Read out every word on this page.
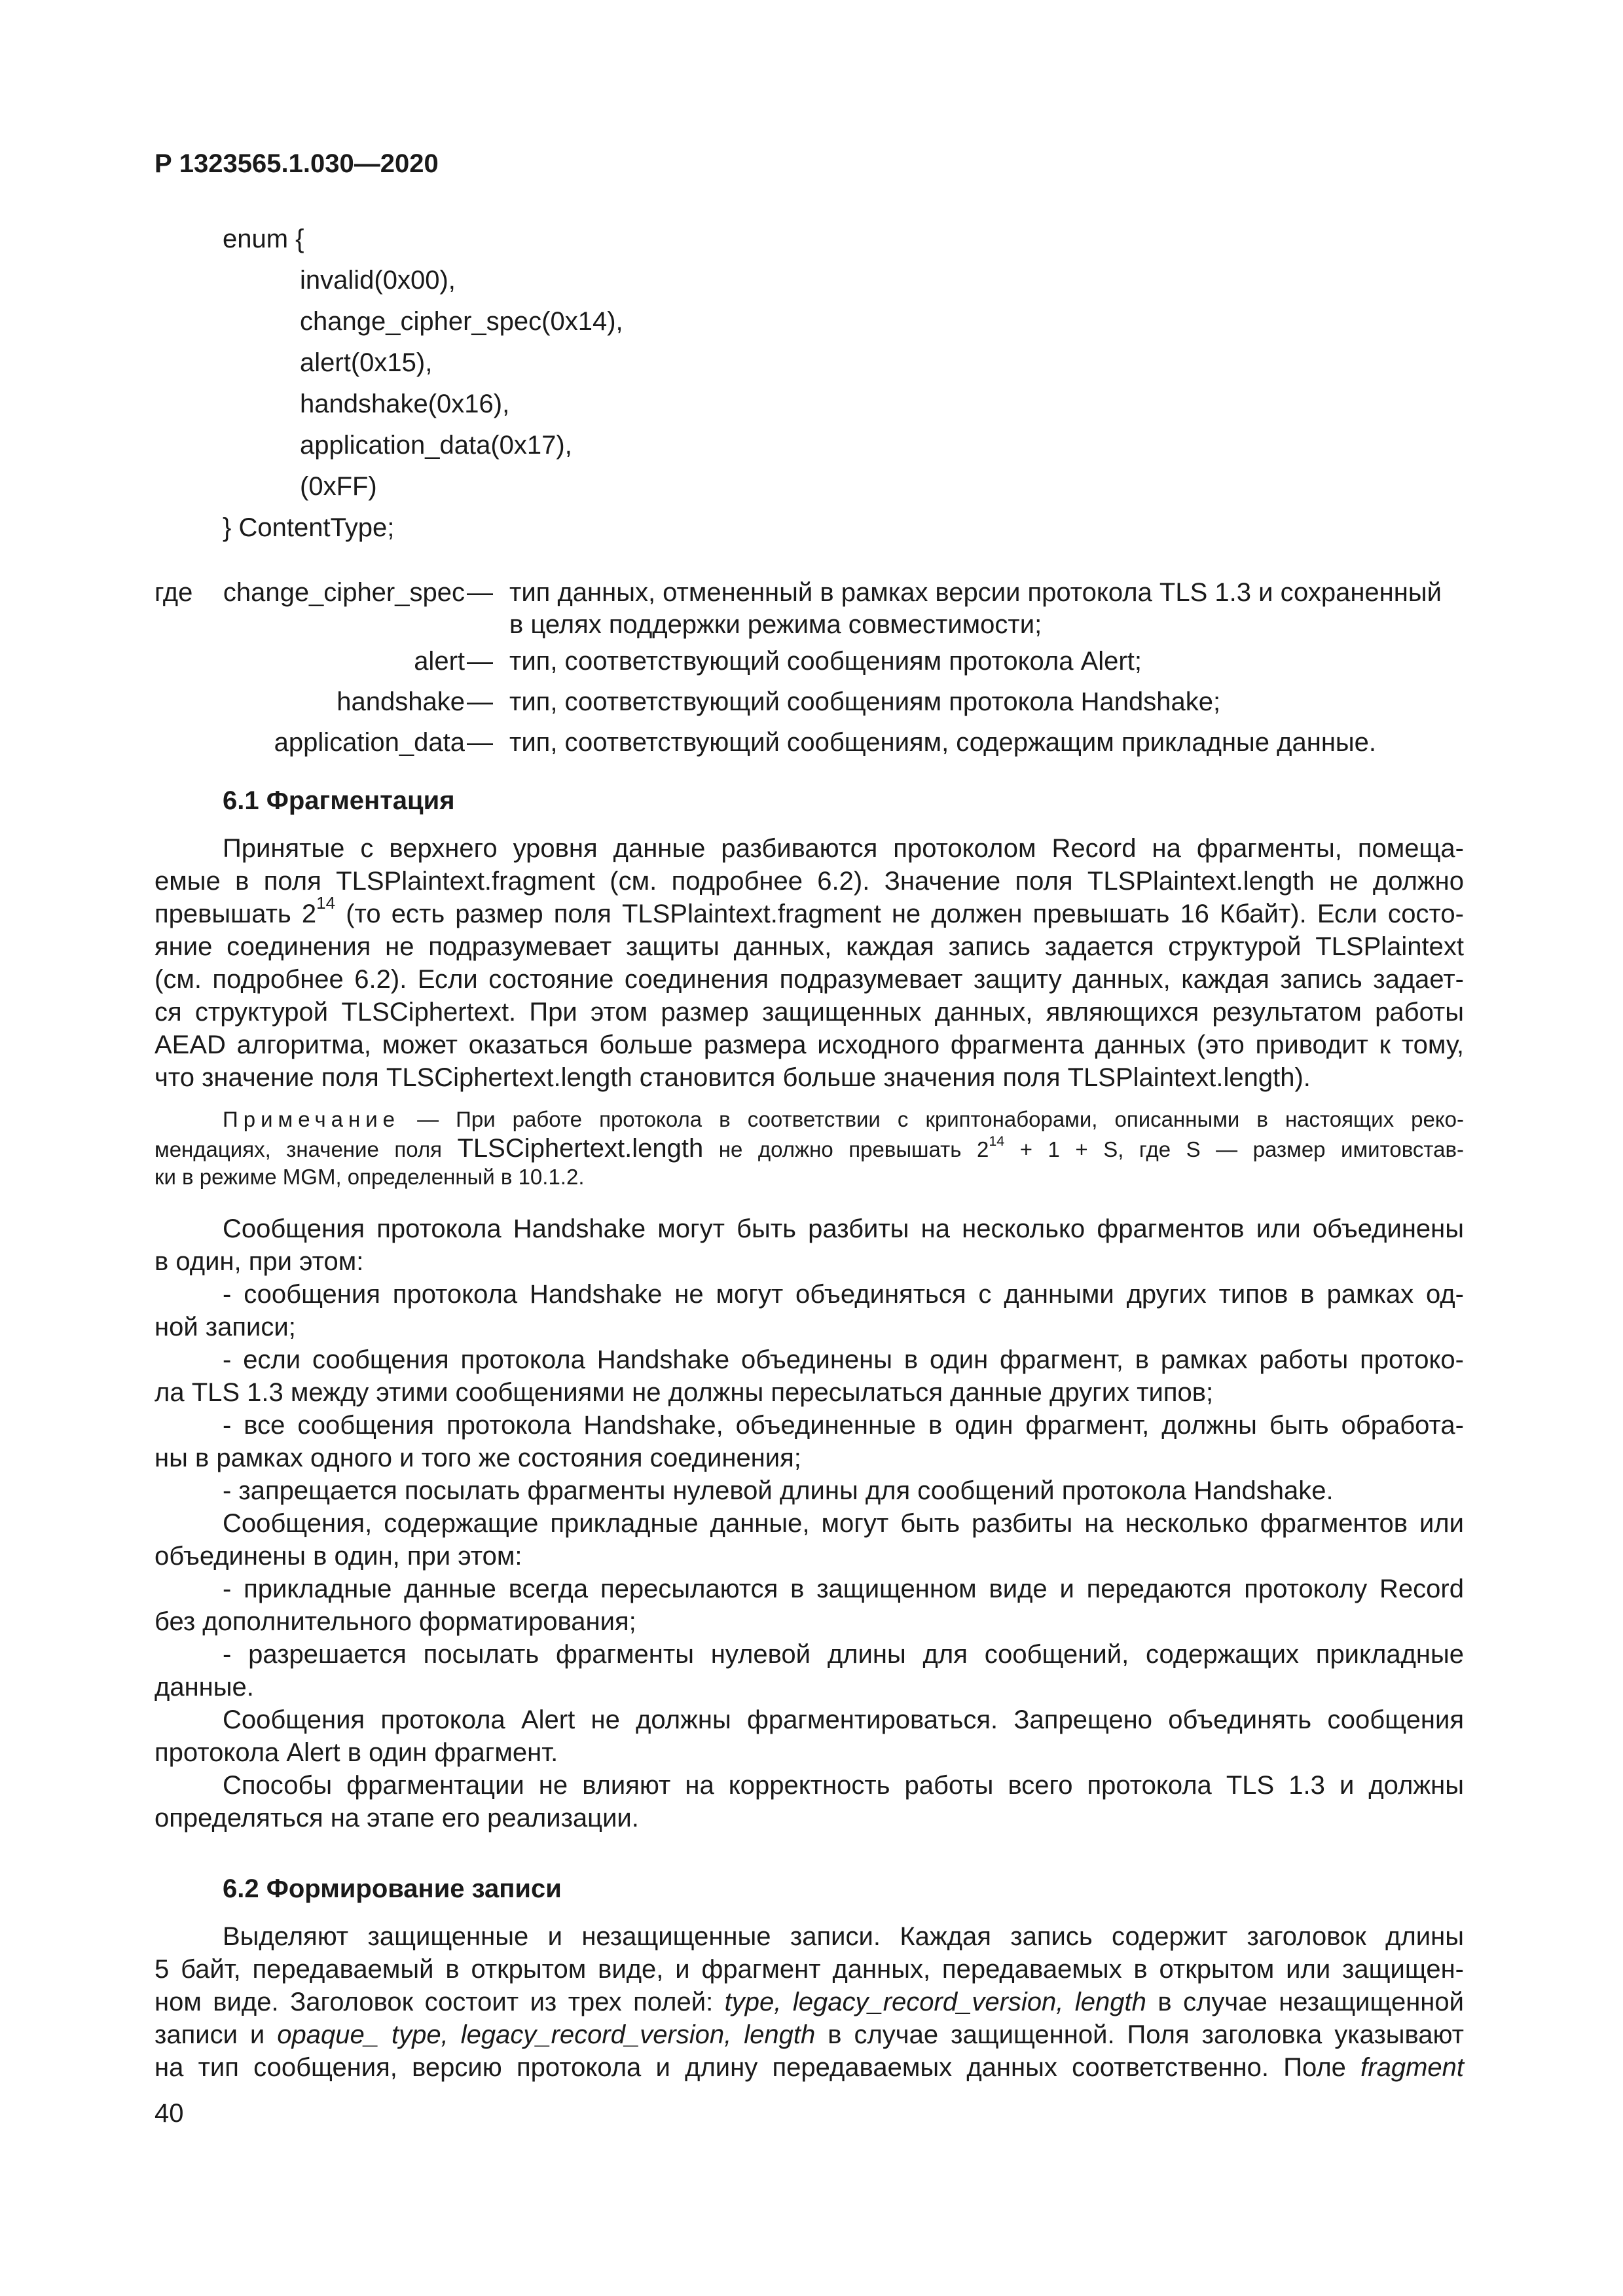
Р 1323565.1.030—2020
enum {
invalid(0x00),
change_cipher_spec(0x14),
alert(0x15),
handshake(0x16),
application_data(0x17),
(0xFF)
} ContentType;
где change_cipher_spec — тип данных, отмененный в рамках версии протокола TLS 1.3 и сохраненный
в целях поддержки режима совместимости;
alert — тип, соответствующий сообщениям протокола Alert;
handshake — тип, соответствующий сообщениям протокола Handshake;
application_data — тип, соответствующий сообщениям, содержащим прикладные данные.
6.1 Фрагментация
Принятые с верхнего уровня данные разбиваются протоколом Record на фрагменты, помеща-
емые в поля TLSPlaintext.fragment (см. подробнее 6.2). Значение поля TLSPlaintext.length не должно
превышать $2^{14}$ (то есть размер поля TLSPlaintext.fragment не должен превышать 16 Кбайт). Если состо-
яние соединения не подразумевает защиты данных, каждая запись задается структурой TLSPlaintext
(см. подробнее 6.2). Если состояние соединения подразумевает защиту данных, каждая запись задает-
ся структурой TLSCiphertext. При этом размер защищенных данных, являющихся результатом работы
AEAD алгоритма, может оказаться больше размера исходного фрагмента данных (это приводит к тому,
что значение поля TLSCiphertext.length становится больше значения поля TLSPlaintext.length).
Примечание — При работе протокола в соответствии с криптонаборами, описанными в настоящих реко-
мендациях, значение поля TLSCiphertext.length не должно превышать $2^{14} + 1 + S$, где S — размер имитовстав-
ки в режиме MGM, определенный в 10.1.2.
Сообщения протокола Handshake могут быть разбиты на несколько фрагментов или объединены
в один, при этом:
- сообщения протокола Handshake не могут объединяться с данными других типов в рамках од-
ной записи;
- если сообщения протокола Handshake объединены в один фрагмент, в рамках работы протоко-
ла TLS 1.3 между этими сообщениями не должны пересылаться данные других типов;
- все сообщения протокола Handshake, объединенные в один фрагмент, должны быть обработа-
ны в рамках одного и того же состояния соединения;
- запрещается посылать фрагменты нулевой длины для сообщений протокола Handshake.
Сообщения, содержащие прикладные данные, могут быть разбиты на несколько фрагментов или
объединены в один, при этом:
- прикладные данные всегда пересылаются в защищенном виде и передаются протоколу Record
без дополнительного форматирования;
- разрешается посылать фрагменты нулевой длины для сообщений, содержащих прикладные
данные.
Сообщения протокола Alert не должны фрагментироваться. Запрещено объединять сообщения
протокола Alert в один фрагмент.
Способы фрагментации не влияют на корректность работы всего протокола TLS 1.3 и должны
определяться на этапе его реализации.
6.2 Формирование записи
Выделяют защищенные и незащищенные записи. Каждая запись содержит заголовок длины
5 байт, передаваемый в открытом виде, и фрагмент данных, передаваемых в открытом или защищен-
ном виде. Заголовок состоит из трех полей: type, legacy_record_version, length в случае незащищенной
записи и opaque_ type, legacy_record_version, length в случае защищенной. Поля заголовка указывают
на тип сообщения, версию протокола и длину передаваемых данных соответственно. Поле fragment
40
